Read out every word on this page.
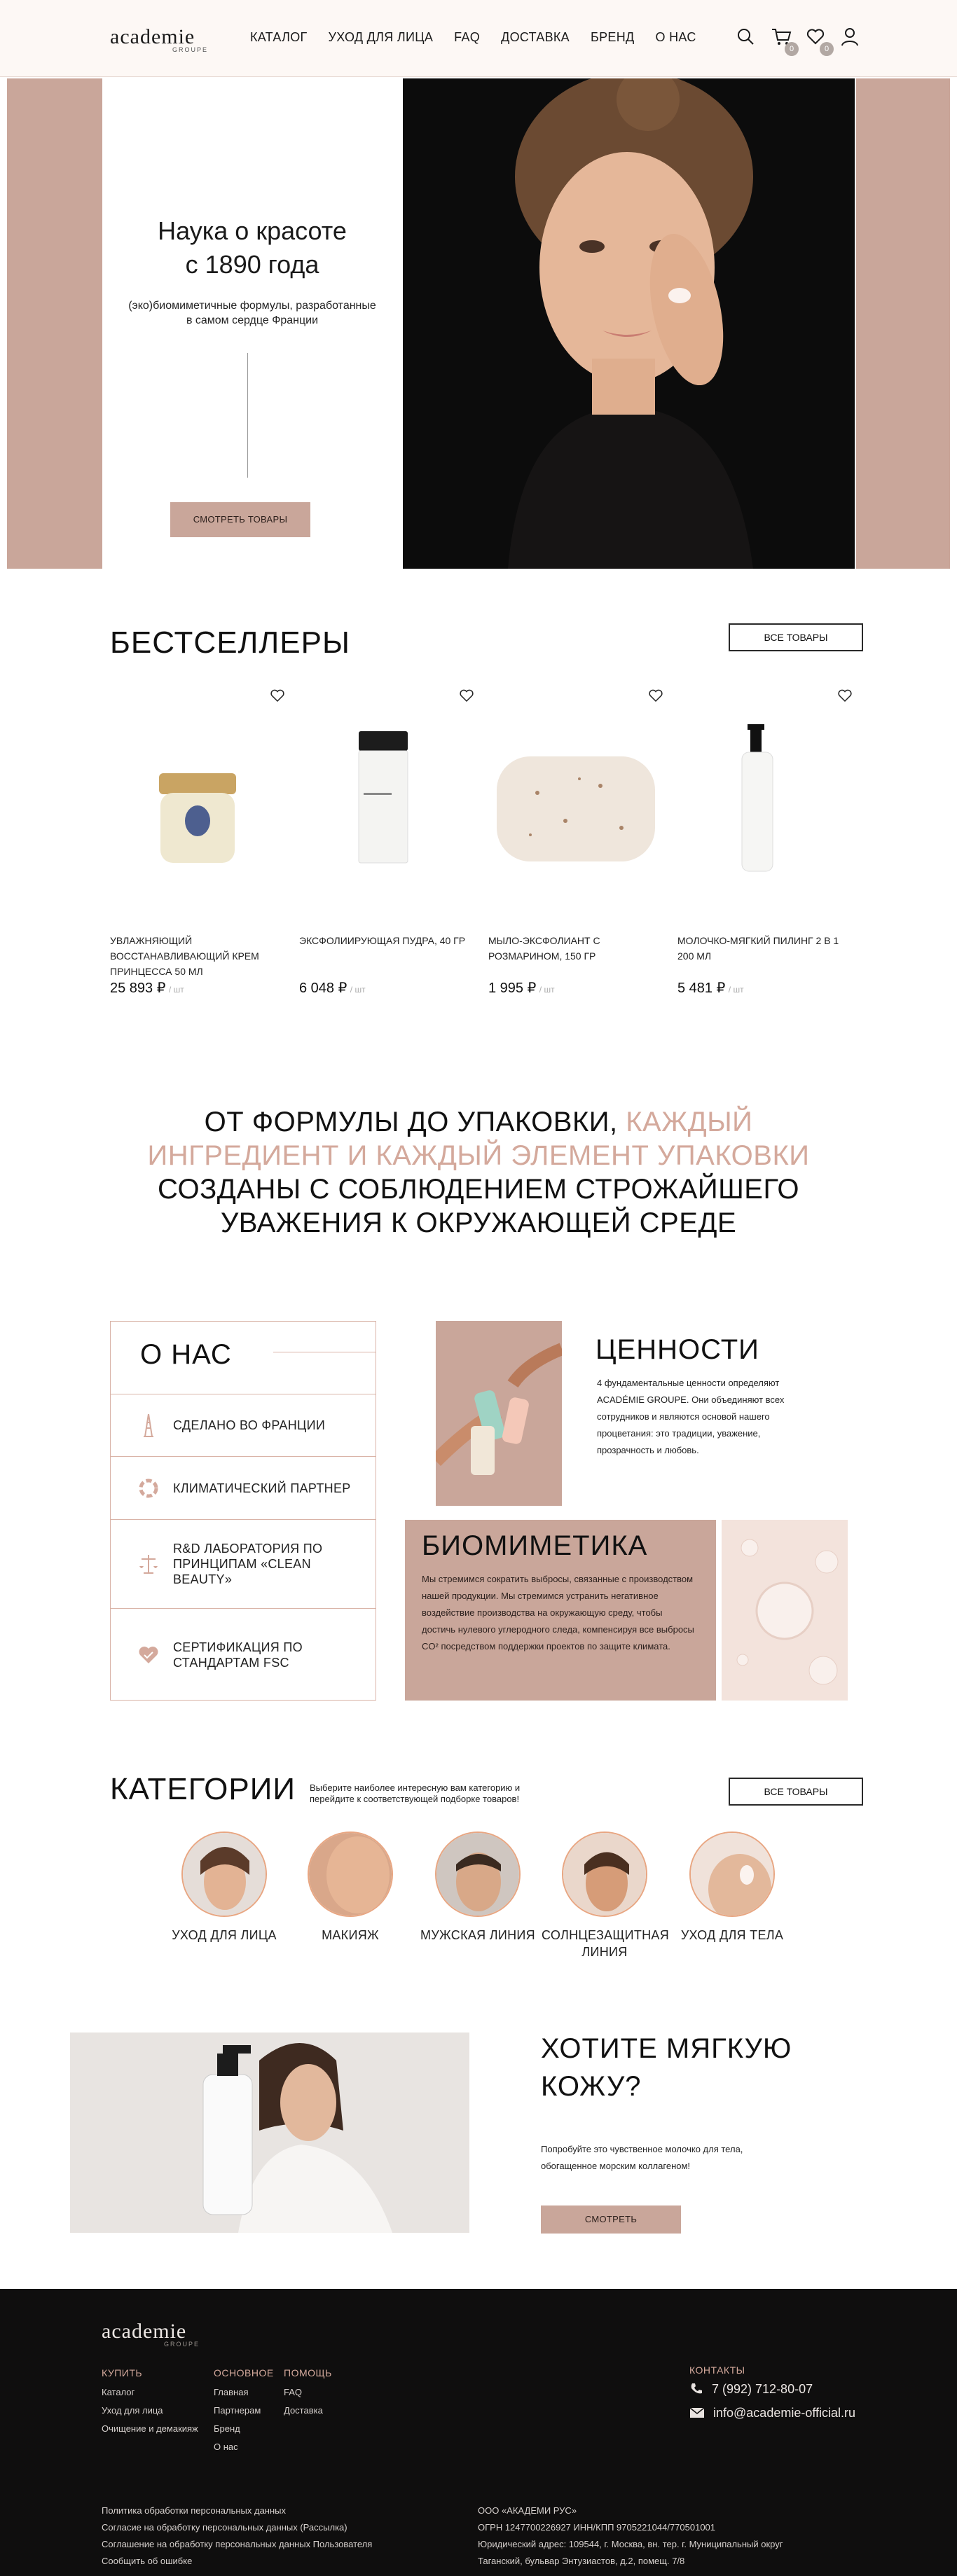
academie
GROUPE
КАТАЛОГ УХОД ДЛЯ ЛИЦА FAQ ДОСТАВКА БРЕНД О НАС
0	0
Наука о красоте
с 1890 года
(эко)биомиметичные формулы, разработанные
в самом сердце Франции
СМОТРЕТЬ ТОВАРЫ
БЕСТСЕЛЛЕРЫ	ВСЕ ТОВАРЫ
УВЛАЖНЯЮЩИЙ ВОССТАНАВЛИВАЮЩИЙ КРЕМ ПРИНЦЕССА 50 МЛ
25 893 ₽ / шт
ЭКСФОЛИИРУЮЩАЯ ПУДРА, 40 ГР
6 048 ₽ / шт
МЫЛО-ЭКСФОЛИАНТ С РОЗМАРИНОМ, 150 ГР
1 995 ₽ / шт
МОЛОЧКО-МЯГКИЙ ПИЛИНГ 2 В 1 200 МЛ
5 481 ₽ / шт
ОТ ФОРМУЛЫ ДО УПАКОВКИ, КАЖДЫЙ ИНГРЕДИЕНТ И КАЖДЫЙ ЭЛЕМЕНТ УПАКОВКИ СОЗДАНЫ С СОБЛЮДЕНИЕМ СТРОЖАЙШЕГО УВАЖЕНИЯ К ОКРУЖАЮЩЕЙ СРЕДЕ
О НАС
СДЕЛАНО ВО ФРАНЦИИ
КЛИМАТИЧЕСКИЙ ПАРТНЕР
R&D ЛАБОРАТОРИЯ ПО ПРИНЦИПАМ «CLEAN BEAUTY»
СЕРТИФИКАЦИЯ ПО СТАНДАРТАМ FSC
ЦЕННОСТИ
4 фундаментальные ценности определяют ACADÉMIE GROUPE. Они объединяют всех сотрудников и являются основой нашего процветания: это традиции, уважение, прозрачность и любовь.
БИОМИМЕТИКА
Мы стремимся сократить выбросы, связанные с производством нашей продукции. Мы стремимся устранить негативное воздействие производства на окружающую среду, чтобы достичь нулевого углеродного следа, компенсируя все выбросы CO² посредством поддержки проектов по защите климата.
КАТЕГОРИИ Выберите наиболее интересную вам категорию и перейдите к соответствующей подборке товаров!
ВСЕ ТОВАРЫ
УХОД ДЛЯ ЛИЦА	МАКИЯЖ	МУЖСКАЯ ЛИНИЯ СОЛНЦЕЗАЩИТНАЯ ЛИНИЯ
УХОД ДЛЯ ТЕЛА
ХОТИТЕ МЯГКУЮ КОЖУ?
Попробуйте это чувственное молочко для тела, обогащенное морским коллагеном!
СМОТРЕТЬ
academie
GROUPE
КУПИТЬ
Каталог
Уход для лица
Очищение и демакияж
ОСНОВНОЕ
Главная
Партнерам
Бренд
О нас
ПОМОЩЬ
FAQ
Доставка
КОНТАКТЫ
7 (992) 712-80-07
info@academie-official.ru
Политика обработки персональных данных
Согласие на обработку персональных данных (Рассылка)
Соглашение на обработку персональных данных Пользователя
Сообщить об ошибке
ООО «АКАДЕМИ РУС»
ОГРН 1247700226927 ИНН/КПП 9705221044/770501001
Юридический адрес: 109544, г. Москва, вн. тер. г. Муниципальный округ
Таганский, бульвар Энтузиастов, д.2, помещ. 7/8
